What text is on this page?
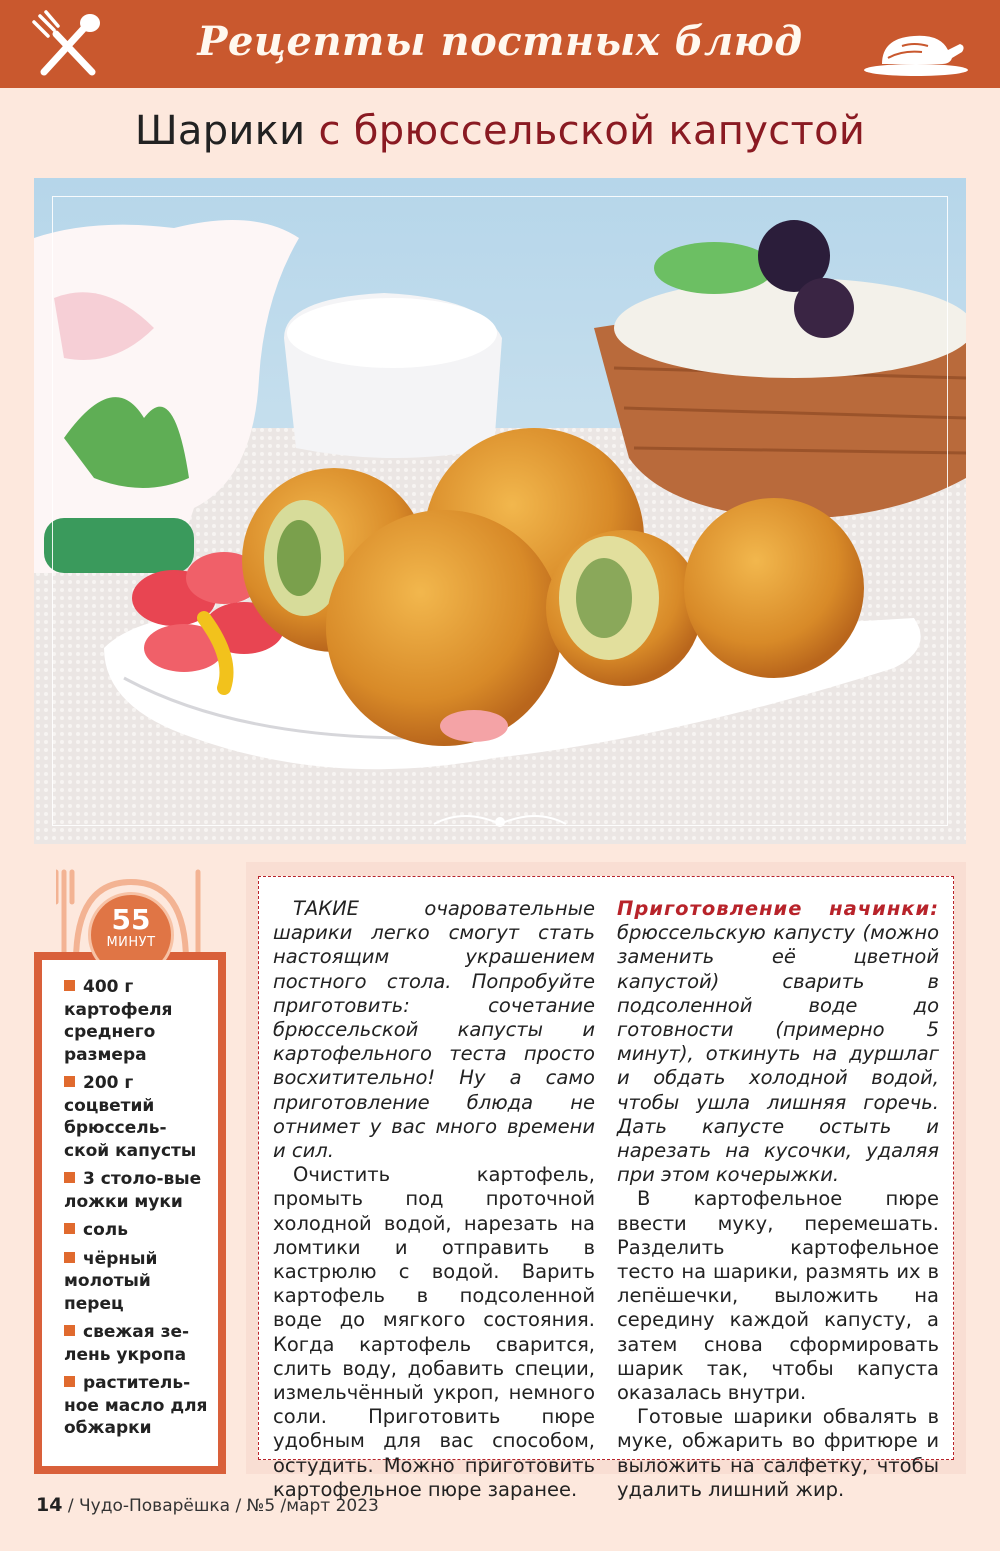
Рецепты постных блюд
Шарики с брюссельской капустой
55
МИНУТ
400 г картофеля среднего размера
200 г соцветий брюссель-ской капусты
3 столо-вые ложки муки
соль
чёрный молотый перец
свежая зе-лень укропа
раститель-ное масло для обжарки

ТАКИЕ очаровательные шарики легко смогут стать настоящим украшением постного стола. Попробуйте приготовить: сочетание брюссельской капусты и картофельного теста просто восхитительно! Ну а само приготовление блюда не отнимет у вас много времени и сил.

Очистить картофель, промыть под проточной холодной водой, нарезать на ломтики и отправить в кастрюлю с водой. Варить картофель в подсоленной воде до мягкого состояния. Когда картофель сварится, слить воду, добавить специи, измельчённый укроп, немного соли. Приготовить пюре удобным для вас способом, остудить. Можно приготовить картофельное пюре заранее.

Приготовление начинки: брюссельскую капусту (можно заменить её цветной капустой) сварить в подсоленной воде до готовности (примерно 5 минут), откинуть на дуршлаг и обдать холодной водой, чтобы ушла лишняя горечь. Дать капусте остыть и нарезать на кусочки, удаляя при этом кочерыжки.

В картофельное пюре ввести муку, перемешать. Разделить картофельное тесто на шарики, размять их в лепёшечки, выложить на середину каждой капусту, а затем снова сформировать шарик так, чтобы капуста оказалась внутри.

Готовые шарики обвалять в муке, обжарить во фритюре и выложить на салфетку, чтобы удалить лишний жир.

14 / Чудо-Поварёшка / №5 /март 2023
